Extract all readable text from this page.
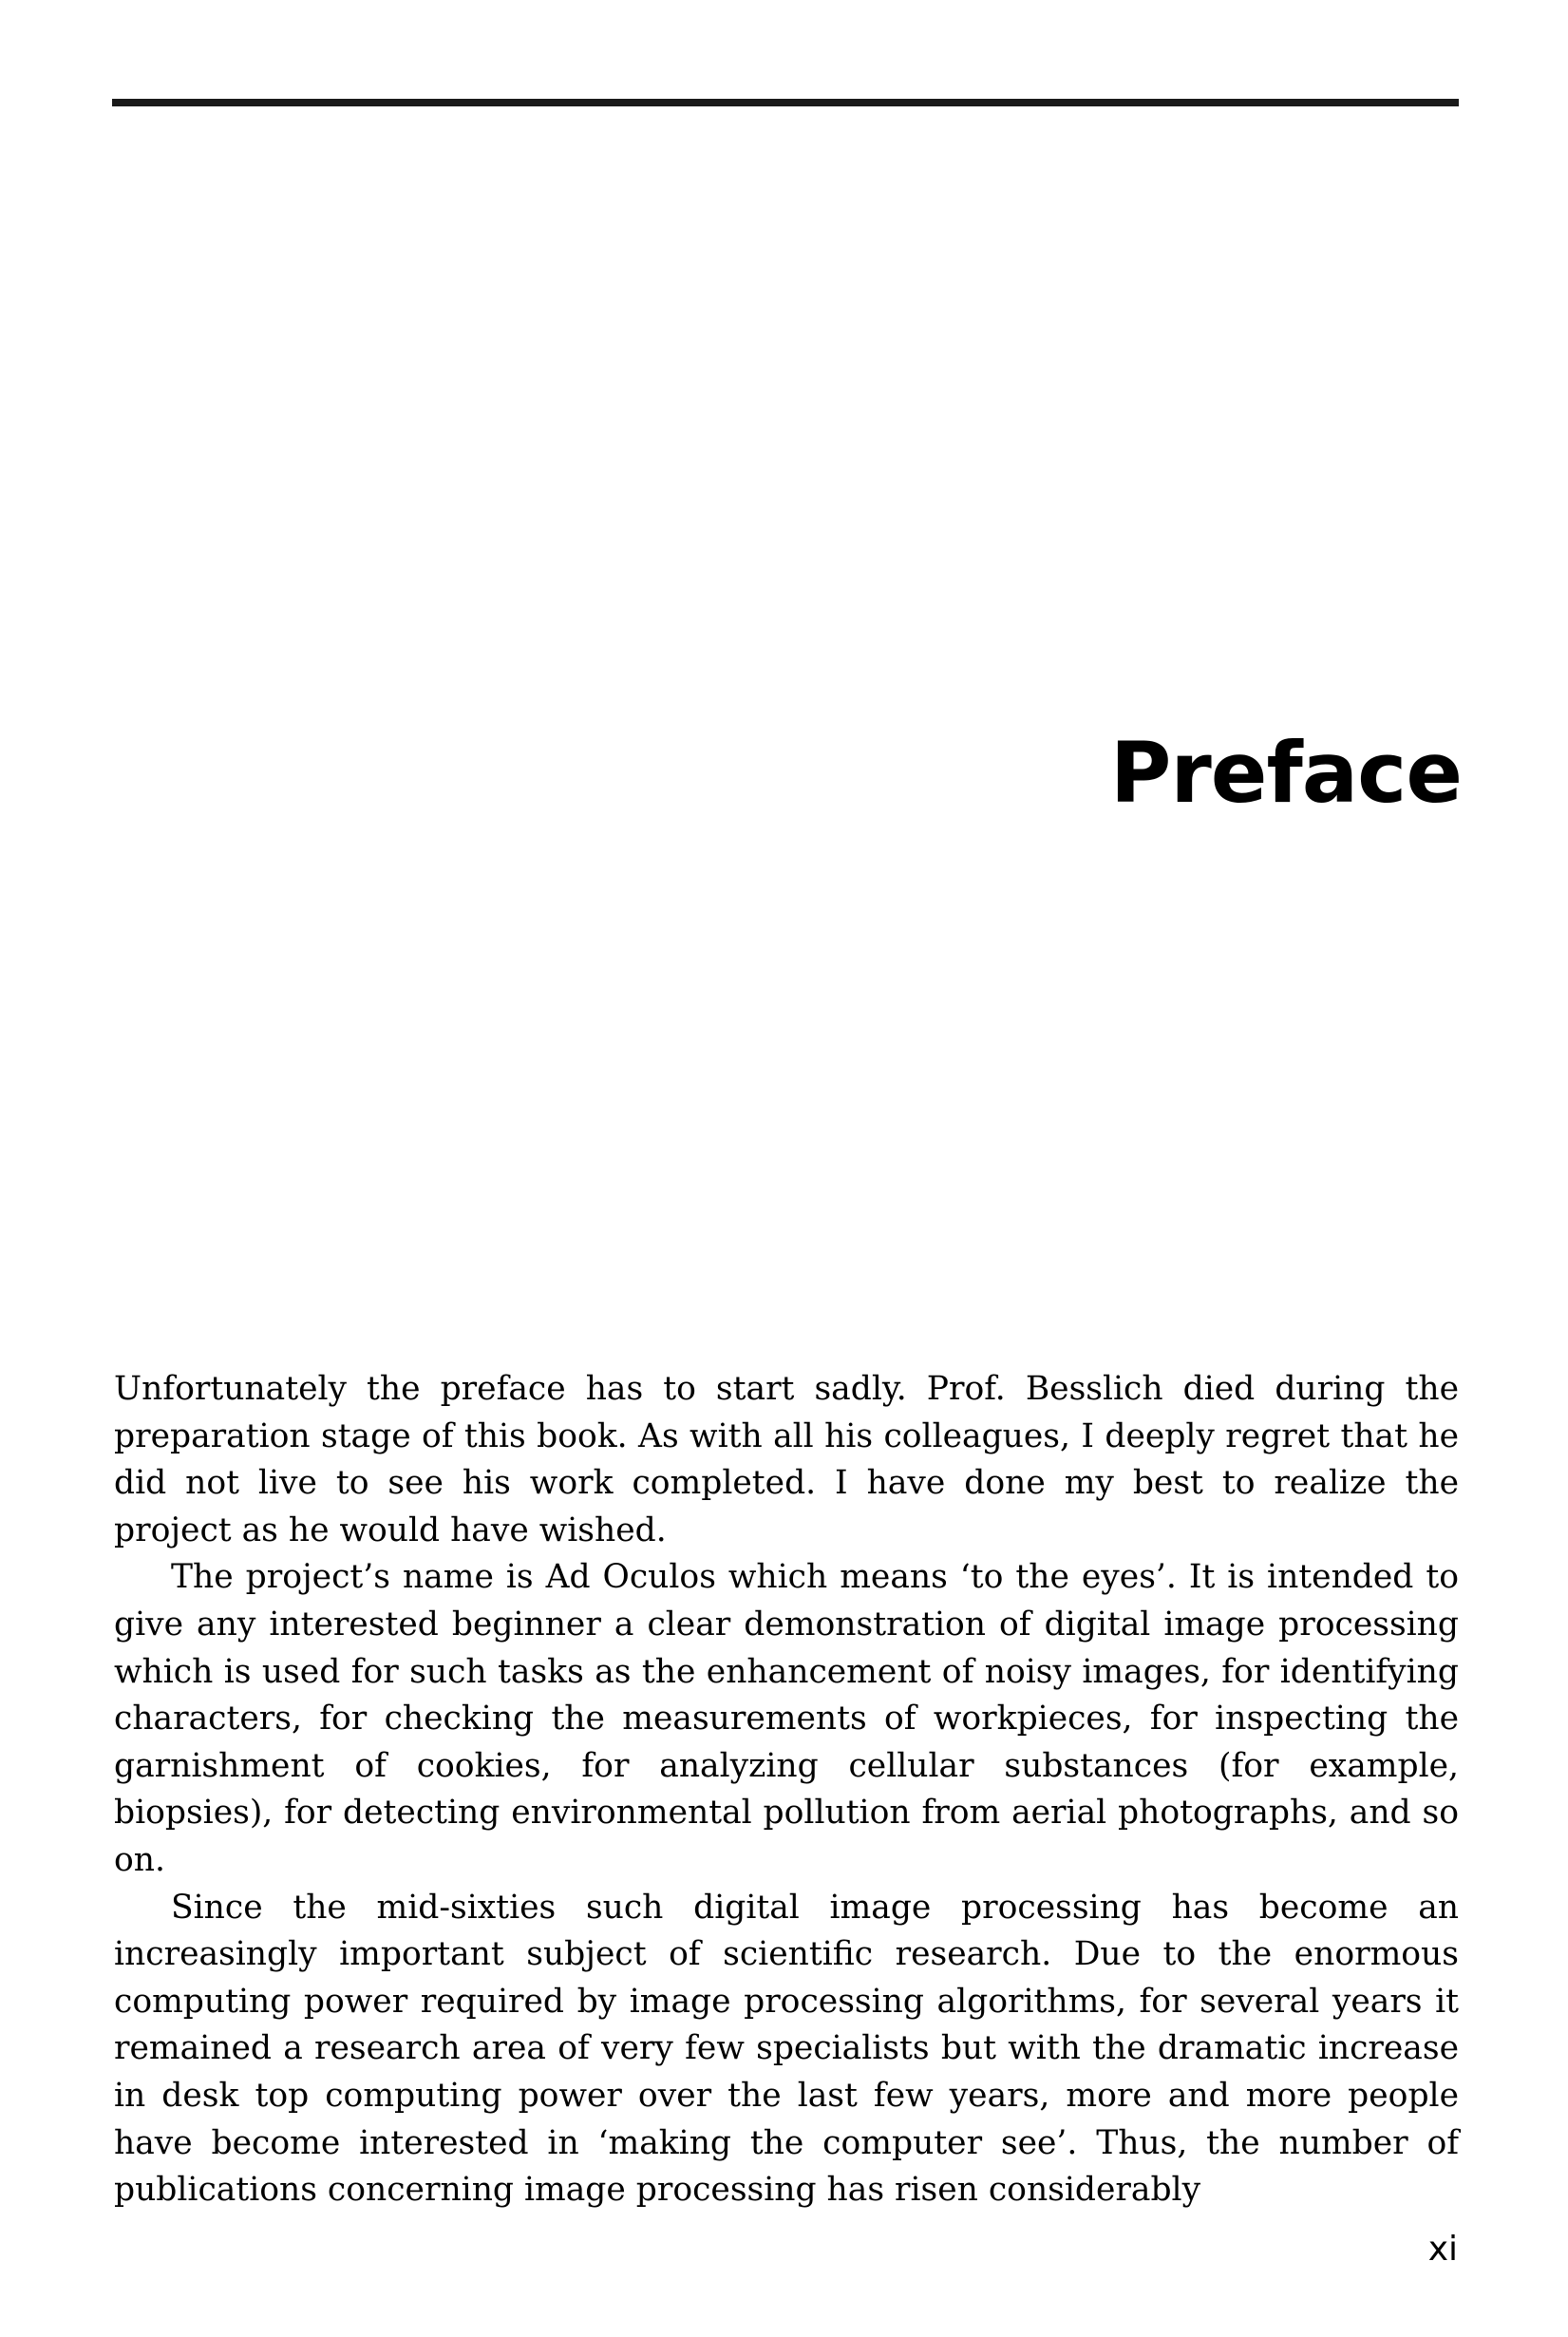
Preface

Unfortunately the preface has to start sadly. Prof. Besslich died during the preparation stage of this book. As with all his colleagues, I deeply regret that he did not live to see his work completed. I have done my best to realize the project as he would have wished.

The project’s name is Ad Oculos which means ‘to the eyes’. It is intended to give any interested beginner a clear demonstration of digital image processing which is used for such tasks as the enhancement of noisy images, for identifying characters, for checking the measurements of workpieces, for inspecting the garnishment of cookies, for analyzing cellular substances (for example, biopsies), for detecting environmental pollution from aerial photographs, and so on.

Since the mid-sixties such digital image processing has become an increasingly important subject of scientific research. Due to the enormous computing power required by image processing algorithms, for several years it remained a research area of very few specialists but with the dramatic increase in desk top computing power over the last few years, more and more people have become interested in ‘making the computer see’. Thus, the number of publications concerning image processing has risen considerably

xi
